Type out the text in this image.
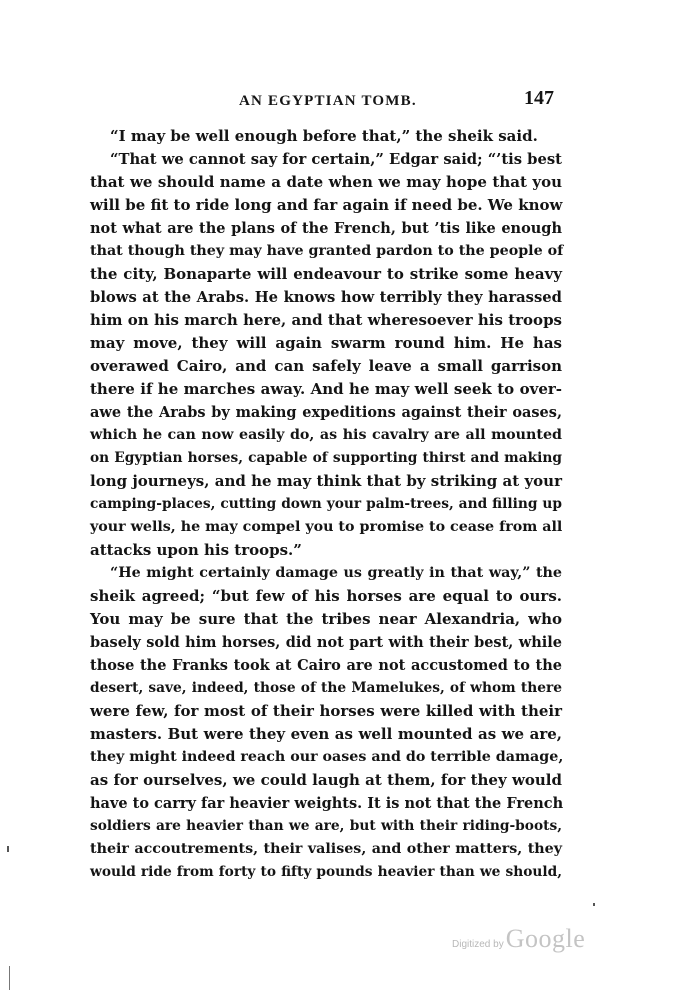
AN EGYPTIAN TOMB.	147
“I may be well enough before that,” the sheik said.
“That we cannot say for certain,” Edgar said; “’tis best
that we should name a date when we may hope that you
will be fit to ride long and far again if need be. We know
not what are the plans of the French, but ’tis like enough
that though they may have granted pardon to the people of
the city, Bonaparte will endeavour to strike some heavy
blows at the Arabs. He knows how terribly they harassed
him on his march here, and that wheresoever his troops
may move, they will again swarm round him. He has
overawed Cairo, and can safely leave a small garrison
there if he marches away. And he may well seek to over-
awe the Arabs by making expeditions against their oases,
which he can now easily do, as his cavalry are all mounted
on Egyptian horses, capable of supporting thirst and making
long journeys, and he may think that by striking at your
camping-places, cutting down your palm-trees, and filling up
your wells, he may compel you to promise to cease from all
attacks upon his troops.”
“He might certainly damage us greatly in that way,” the
sheik agreed; “but few of his horses are equal to ours.
You may be sure that the tribes near Alexandria, who
basely sold him horses, did not part with their best, while
those the Franks took at Cairo are not accustomed to the
desert, save, indeed, those of the Mamelukes, of whom there
were few, for most of their horses were killed with their
masters. But were they even as well mounted as we are,
they might indeed reach our oases and do terrible damage,
as for ourselves, we could laugh at them, for they would
have to carry far heavier weights. It is not that the French
soldiers are heavier than we are, but with their riding-boots,
their accoutrements, their valises, and other matters, they
would ride from forty to fifty pounds heavier than we should,
Digitized byGoogle
